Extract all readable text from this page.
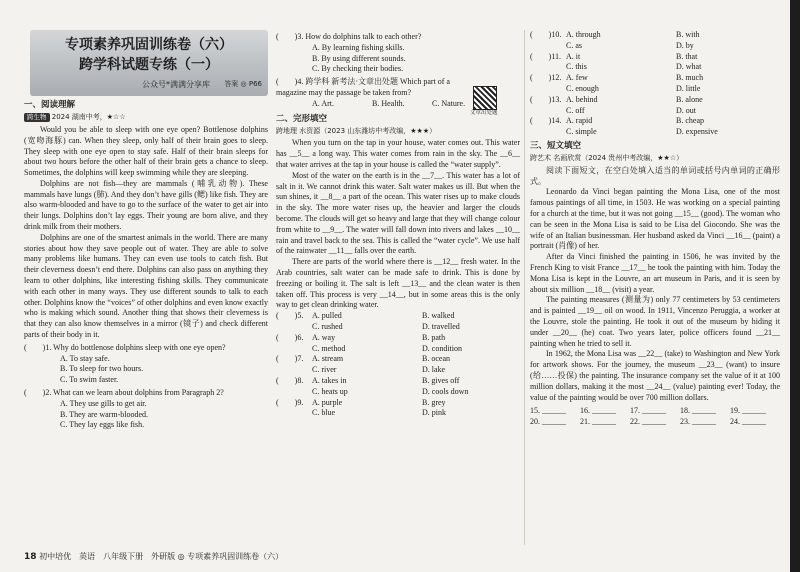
专项素养巩固训练卷（六）
跨学科试题专练（一）
公众号*满满分享库 答案 ◎ P66
一、阅读理解
跨生物 2024 湖南中考，★☆☆

Would you be able to sleep with one eye open? Bottlenose dolphins (宽吻海豚) can. When they sleep, only half of their brain goes to sleep. They sleep with one eye open to stay safe. Half of their brain sleeps for about two hours before the other half of their brain gets a chance to sleep. Sometimes, the dolphins will keep swimming while they are sleeping.

Dolphins are not fish—they are mammals (哺乳动物). These mammals have lungs (肺). And they don’t have gills (鳃) like fish. They are also warm-blooded and have to go to the surface of the water to get air into their lungs. Dolphins don’t lay eggs. Their young are born alive, and they drink milk from their mothers.

Dolphins are one of the smartest animals in the world. There are many stories about how they save people out of water. They are able to solve many problems like humans. They can even use tools to catch fish. But their cleverness doesn’t end there. Dolphins can also pass on anything they learn to other dolphins, like interesting fishing skills. They communicate with each other in many ways. They use different sounds to talk to each other. Dolphins know the “voices” of other dolphins and even know exactly who is making which sound. Another thing that shows their cleverness is that they can also know themselves in a mirror (镜子) and check different parts of their body in it.

(　　)1. Why do bottlenose dolphins sleep with one eye open?
A. To stay safe.
B. To sleep for two hours.
C. To swim faster.
(　　)2. What can we learn about dolphins from Paragraph 2?
A. They use gills to get air.
B. They are warm-blooded.
C. They lay eggs like fish.
(　　)3. How do dolphins talk to each other?
A. By learning fishing skills.
B. By using different sounds.
C. By checking their bodies.
(　　)4. 跨学科 新考法·文章出处题 Which part of a magazine may the passage be taken from?
A. Art.	B. Health.	C. Nature.
二、完形填空
跨地理 水资源（2023 山东潍坊中考改编，★★★）

When you turn on the tap in your house, water comes out. This water has __5__ a long way. This water comes from rain in the sky. The __6__ that water arrives at the tap in your house is called the “water supply”.

Most of the water on the earth is in the __7__. This water has a lot of salt in it. We cannot drink this water. Salt water makes us ill. But when the sun shines, it __8__ a part of the ocean. This water rises up to make clouds in the sky. The more water rises up, the heavier and larger the clouds become. The clouds will get so heavy and large that they will change colour from white to __9__. The water will fall down into rivers and lakes __10__ rain and travel back to the sea. This is called the “water cycle”. We use half of the rainwater __11__ falls over the earth.

There are parts of the world where there is __12__ fresh water. In the Arab countries, salt water can be made safe to drink. This is done by freezing or boiling it. The salt is left __13__ and the clean water is then taken off. This process is very __14__, but in some areas this is the only way to get clean drinking water.

(　　)5.	A. pulled	B. walked
C. rushed	D. travelled
(　　)6.	A. way	B. path
C. method	D. condition
(　　)7.	A. stream	B. ocean
C. river	D. lake
(　　)8.	A. takes in	B. gives off
C. heats up	D. cools down
(　　)9.	A. purple	B. grey
C. blue	D. pink
文章出处题
(　　)10. A. through	B. with
C. as	D. by
(　　)11. A. it	B. that
C. this	D. what
(　　)12. A. few	B. much
C. enough	D. little
(　　)13. A. behind	B. alone
C. off	D. out
(　　)14. A. rapid	B. cheap
C. simple	D. expensive
三、短文填空
跨艺术 名画欣赏（2024 贵州中考改编，★★☆）

阅读下面短文，在空白处填入适当的单词或括号内单词的正确形式。

Leonardo da Vinci began painting the Mona Lisa, one of the most famous paintings of all time, in 1503. He was working on a special painting for a church at the time, but it was not going __15__ (good). The woman who can be seen in the Mona Lisa is said to be Lisa del Giocondo. She was the wife of an Italian businessman. Her husband asked da Vinci __16__ (paint) a portrait (肖像) of her.

After da Vinci finished the painting in 1506, he was invited by the French King to visit France __17__ he took the painting with him. Today the Mona Lisa is kept in the Louvre, an art museum in Paris, and it is seen by about six million __18__ (visit) a year.

The painting measures (测量为) only 77 centimeters by 53 centimeters and is painted __19__ oil on wood. In 1911, Vincenzo Peruggia, a worker at the Louvre, stole the painting. He took it out of the museum by hiding it under __20__ (he) coat. Two years later, police officers found __21__ painting when he tried to sell it.

In 1962, the Mona Lisa was __22__ (take) to Washington and New York for artwork shows. For the journey, the museum __23__ (want) to insure (给……投保) the painting. The insurance company set the value of it at 100 million dollars, making it the most __24__ (value) painting ever! Today, the value of the painting would be over 700 million dollars.

15. ______	16. ______	17. ______	18. ______	19. ______
20. ______	21. ______	22. ______	23. ______	24. ______
18 初中培优　英语　八年级下册　外研版 ◎ 专项素养巩固训练卷（六）
